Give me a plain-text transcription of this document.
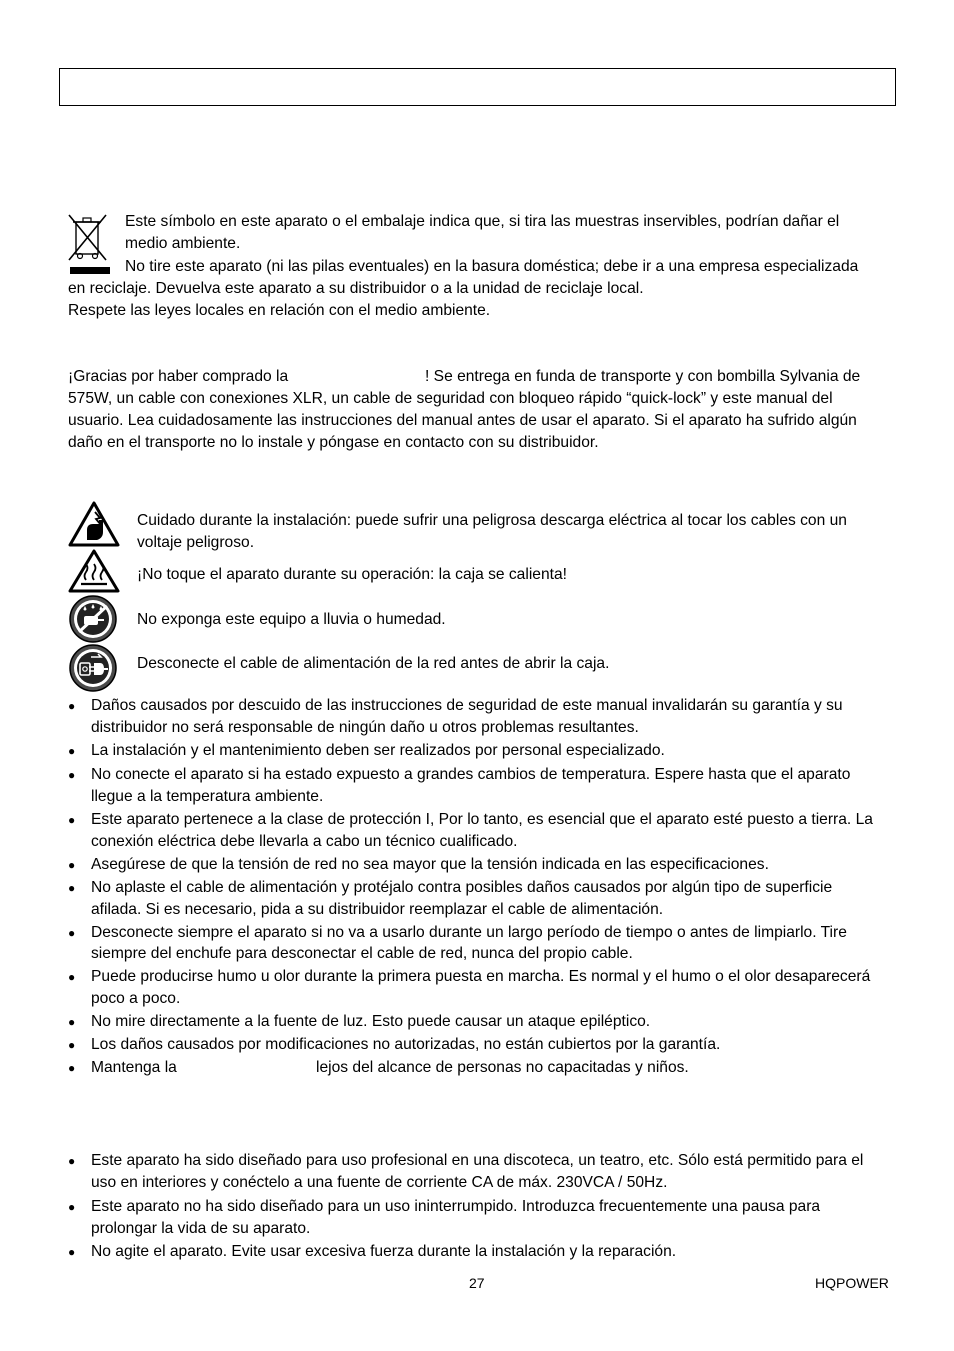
Este símbolo en este aparato o el embalaje indica que, si tira las muestras inservibles, podrían dañar el
medio ambiente.
No tire este aparato (ni las pilas eventuales) en la basura doméstica; debe ir a una empresa especializada
en reciclaje. Devuelva este aparato a su distribuidor o a la unidad de reciclaje local.
Respete las leyes locales en relación con el medio ambiente.
¡Gracias por haber comprado la	! Se entrega en funda de transporte y con bombilla Sylvania de
575W, un cable con conexiones XLR, un cable de seguridad con bloqueo rápido “quick-lock” y este manual del
usuario. Lea cuidadosamente las instrucciones del manual antes de usar el aparato. Si el aparato ha sufrido algún
daño en el transporte no lo instale y póngase en contacto con su distribuidor.
Cuidado durante la instalación: puede sufrir una peligrosa descarga eléctrica al tocar los cables con un
voltaje peligroso.
¡No toque el aparato durante su operación: la caja se calienta!
No exponga este equipo a lluvia o humedad.
Desconecte el cable de alimentación de la red antes de abrir la caja.
● Daños causados por descuido de las instrucciones de seguridad de este manual invalidarán su garantía y su
distribuidor no será responsable de ningún daño u otros problemas resultantes.
● La instalación y el mantenimiento deben ser realizados por personal especializado.
● No conecte el aparato si ha estado expuesto a grandes cambios de temperatura. Espere hasta que el aparato
llegue a la temperatura ambiente.
● Este aparato pertenece a la clase de protección I, Por lo tanto, es esencial que el aparato esté puesto a tierra. La
conexión eléctrica debe llevarla a cabo un técnico cualificado.
● Asegúrese de que la tensión de red no sea mayor que la tensión indicada en las especificaciones.
● No aplaste el cable de alimentación y protéjalo contra posibles daños causados por algún tipo de superficie
afilada. Si es necesario, pida a su distribuidor reemplazar el cable de alimentación.
● Desconecte siempre el aparato si no va a usarlo durante un largo período de tiempo o antes de limpiarlo. Tire
siempre del enchufe para desconectar el cable de red, nunca del propio cable.
● Puede producirse humo u olor durante la primera puesta en marcha. Es normal y el humo o el olor desaparecerá
poco a poco.
● No mire directamente a la fuente de luz. Esto puede causar un ataque epiléptico.
● Los daños causados por modificaciones no autorizadas, no están cubiertos por la garantía.
● Mantenga la	lejos del alcance de personas no capacitadas y niños.
● Este aparato ha sido diseñado para uso profesional en una discoteca, un teatro, etc. Sólo está permitido para el
uso en interiores y conéctelo a una fuente de corriente CA de máx. 230VCA / 50Hz.
● Este aparato no ha sido diseñado para un uso ininterrumpido. Introduzca frecuentemente una pausa para
prolongar la vida de su aparato.
● No agite el aparato. Evite usar excesiva fuerza durante la instalación y la reparación.
27	HQPOWER
